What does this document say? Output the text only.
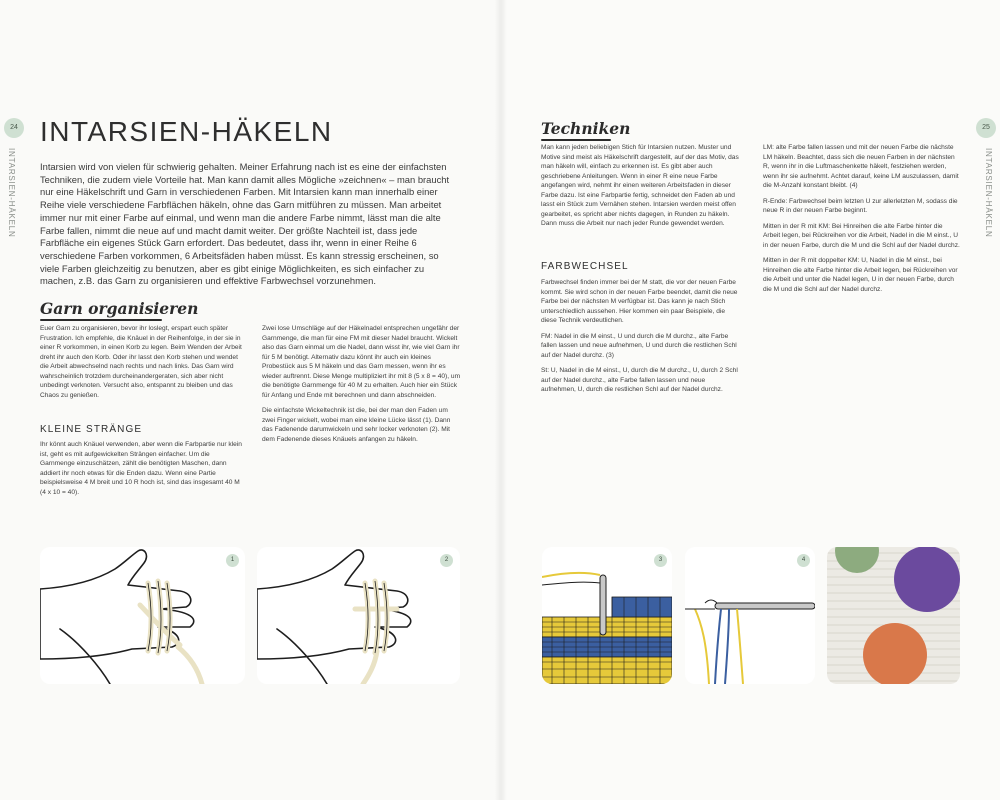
24
INTARSIEN-HÄKELN
INTARSIEN-HÄKELN
Intarsien wird von vielen für schwierig gehalten. Meiner Erfahrung nach ist es eine der einfachsten Techniken, die zudem viele Vorteile hat. Man kann damit alles Mögliche »zeichnen« – man braucht nur eine Häkelschrift und Garn in verschiedenen Farben. Mit Intarsien kann man innerhalb einer Reihe viele verschiedene Farbflächen häkeln, ohne das Garn mitführen zu müssen. Man arbeitet immer nur mit einer Farbe auf einmal, und wenn man die andere Farbe nimmt, lässt man die alte Farbe fallen, nimmt die neue auf und macht damit weiter. Der größte Nachteil ist, dass jede Farbfläche ein eigenes Stück Garn erfordert. Das bedeutet, dass ihr, wenn in einer Reihe 6 verschiedene Farben vorkommen, 6 Arbeitsfäden haben müsst. Es kann stressig erscheinen, so viele Farben gleichzeitig zu benutzen, aber es gibt einige Möglichkeiten, es sich einfacher zu machen, z.B. das Garn zu organisieren und effektive Farbwechsel vorzunehmen.
Garn organisieren

Euer Garn zu organisieren, bevor ihr loslegt, erspart euch später Frustration. Ich empfehle, die Knäuel in der Reihenfolge, in der sie in einer R vorkommen, in einen Korb zu legen. Beim Wenden der Arbeit dreht ihr auch den Korb. Oder ihr lasst den Korb stehen und wendet die Arbeit abwechselnd nach rechts und nach links. Das Garn wird wahrscheinlich trotzdem durcheinandergeraten, sich aber nicht unbedingt verknoten. Versucht also, entspannt zu bleiben und das Chaos zu genießen.

KLEINE STRÄNGE

Ihr könnt auch Knäuel verwenden, aber wenn die Farbpartie nur klein ist, geht es mit aufgewickelten Strängen einfacher. Um die Garnmenge einzuschätzen, zählt die benötigten Maschen, dann addiert ihr noch etwas für die Enden dazu. Wenn eine Partie beispielsweise 4 M breit und 10 R hoch ist, sind das insgesamt 40 M (4 x 10 = 40).

Zwei lose Umschläge auf der Häkelnadel entsprechen ungefähr der Garnmenge, die man für eine FM mit dieser Nadel braucht. Wickelt also das Garn einmal um die Nadel, dann wisst ihr, wie viel Garn ihr für 5 M benötigt. Alternativ dazu könnt ihr auch ein kleines Probestück aus 5 M häkeln und das Garn messen, wenn ihr es wieder auftrennt. Diese Menge multipliziert ihr mit 8 (5 x 8 = 40), um die benötigte Garnmenge für 40 M zu erhalten. Auch hier ein Stück für Anfang und Ende mit berechnen und dann abschneiden.

Die einfachste Wickeltechnik ist die, bei der man den Faden um zwei Finger wickelt, wobei man eine kleine Lücke lässt (1). Dann das Fadenende darumwickeln und sehr locker verknoten (2). Mit dem Fadenende dieses Knäuels anfangen zu häkeln.

1	2
25
INTARSIEN-HÄKELN
Techniken

Man kann jeden beliebigen Stich für Intarsien nutzen. Muster und Motive sind meist als Häkelschrift dargestellt, auf der das Motiv, das man häkeln will, einfach zu erkennen ist. Es gibt aber auch geschriebene Anleitungen. Wenn in einer R eine neue Farbe angefangen wird, nehmt ihr einen weiteren Arbeitsfaden in dieser Farbe dazu. Ist eine Farbpartie fertig, schneidet den Faden ab und lasst ein Stück zum Vernähen stehen. Intarsien werden meist offen gearbeitet, es spricht aber nichts dagegen, in Runden zu häkeln. Dann muss die Arbeit nur nach jeder Runde gewendet werden.

FARBWECHSEL

Farbwechsel finden immer bei der M statt, die vor der neuen Farbe kommt. Sie wird schon in der neuen Farbe beendet, damit die neue Farbe bei der nächsten M verfügbar ist. Das kann je nach Stich unterschiedlich aussehen. Hier kommen ein paar Beispiele, die diese Technik verdeutlichen.

FM: Nadel in die M einst., U und durch die M durchz., alte Farbe fallen lassen und neue aufnehmen, U und durch die restlichen Schl auf der Nadel durchz. (3)

St: U, Nadel in die M einst., U, durch die M durchz., U, durch 2 Schl auf der Nadel durchz., alte Farbe fallen lassen und neue aufnehmen, U, durch die restlichen Schl auf der Nadel durchz.

LM: alte Farbe fallen lassen und mit der neuen Farbe die nächste LM häkeln. Beachtet, dass sich die neuen Farben in der nächsten R, wenn ihr in die Luftmaschenkette häkelt, festziehen werden, wenn ihr sie aufnehmt. Achtet darauf, keine LM auszulassen, damit die M-Anzahl konstant bleibt. (4)

R-Ende: Farbwechsel beim letzten U zur allerletzten M, sodass die neue R in der neuen Farbe beginnt.

Mitten in der R mit KM: Bei Hinreihen die alte Farbe hinter die Arbeit legen, bei Rückreihen vor die Arbeit, Nadel in die M einst., U in der neuen Farbe, durch die M und die Schl auf der Nadel durchz.

Mitten in der R mit doppelter KM: U, Nadel in die M einst., bei Hinreihen die alte Farbe hinter die Arbeit legen, bei Rückreihen vor die Arbeit und unter die Nadel legen, U in der neuen Farbe, durch die M und die Schl auf der Nadel durchz.

3	4
